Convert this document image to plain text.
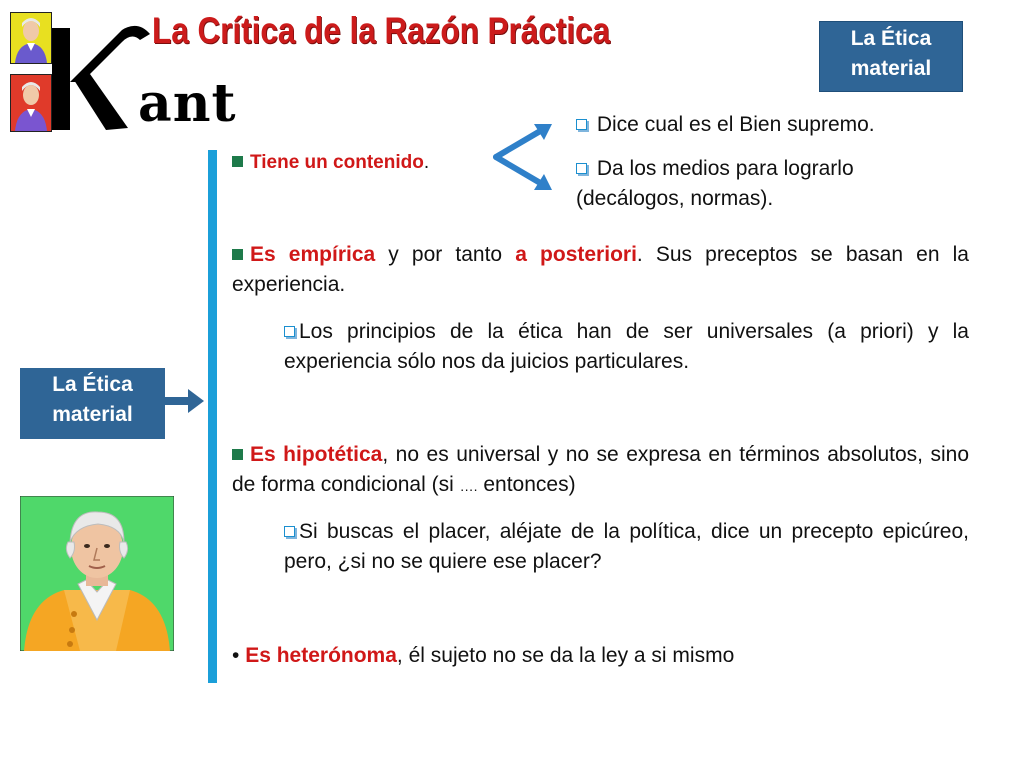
ant
La Crítica de la Razón Práctica	La Ética material
Tiene un contenido.
Dice cual es el Bien supremo.
Da los medios para lograrlo (decálogos, normas).
Es empírica y por tanto a posteriori. Sus preceptos se basan en la experiencia.
Los principios de la ética han de ser universales (a priori) y la experiencia sólo nos da juicios particulares.
La Ética material
Es hipotética, no es universal y no se expresa en términos absolutos, sino de forma condicional (si …. entonces)
Si buscas el placer, aléjate de la política, dice un precepto epicúreo, pero, ¿si no se quiere ese placer?
• Es heterónoma, él sujeto no se da la ley a si mismo
